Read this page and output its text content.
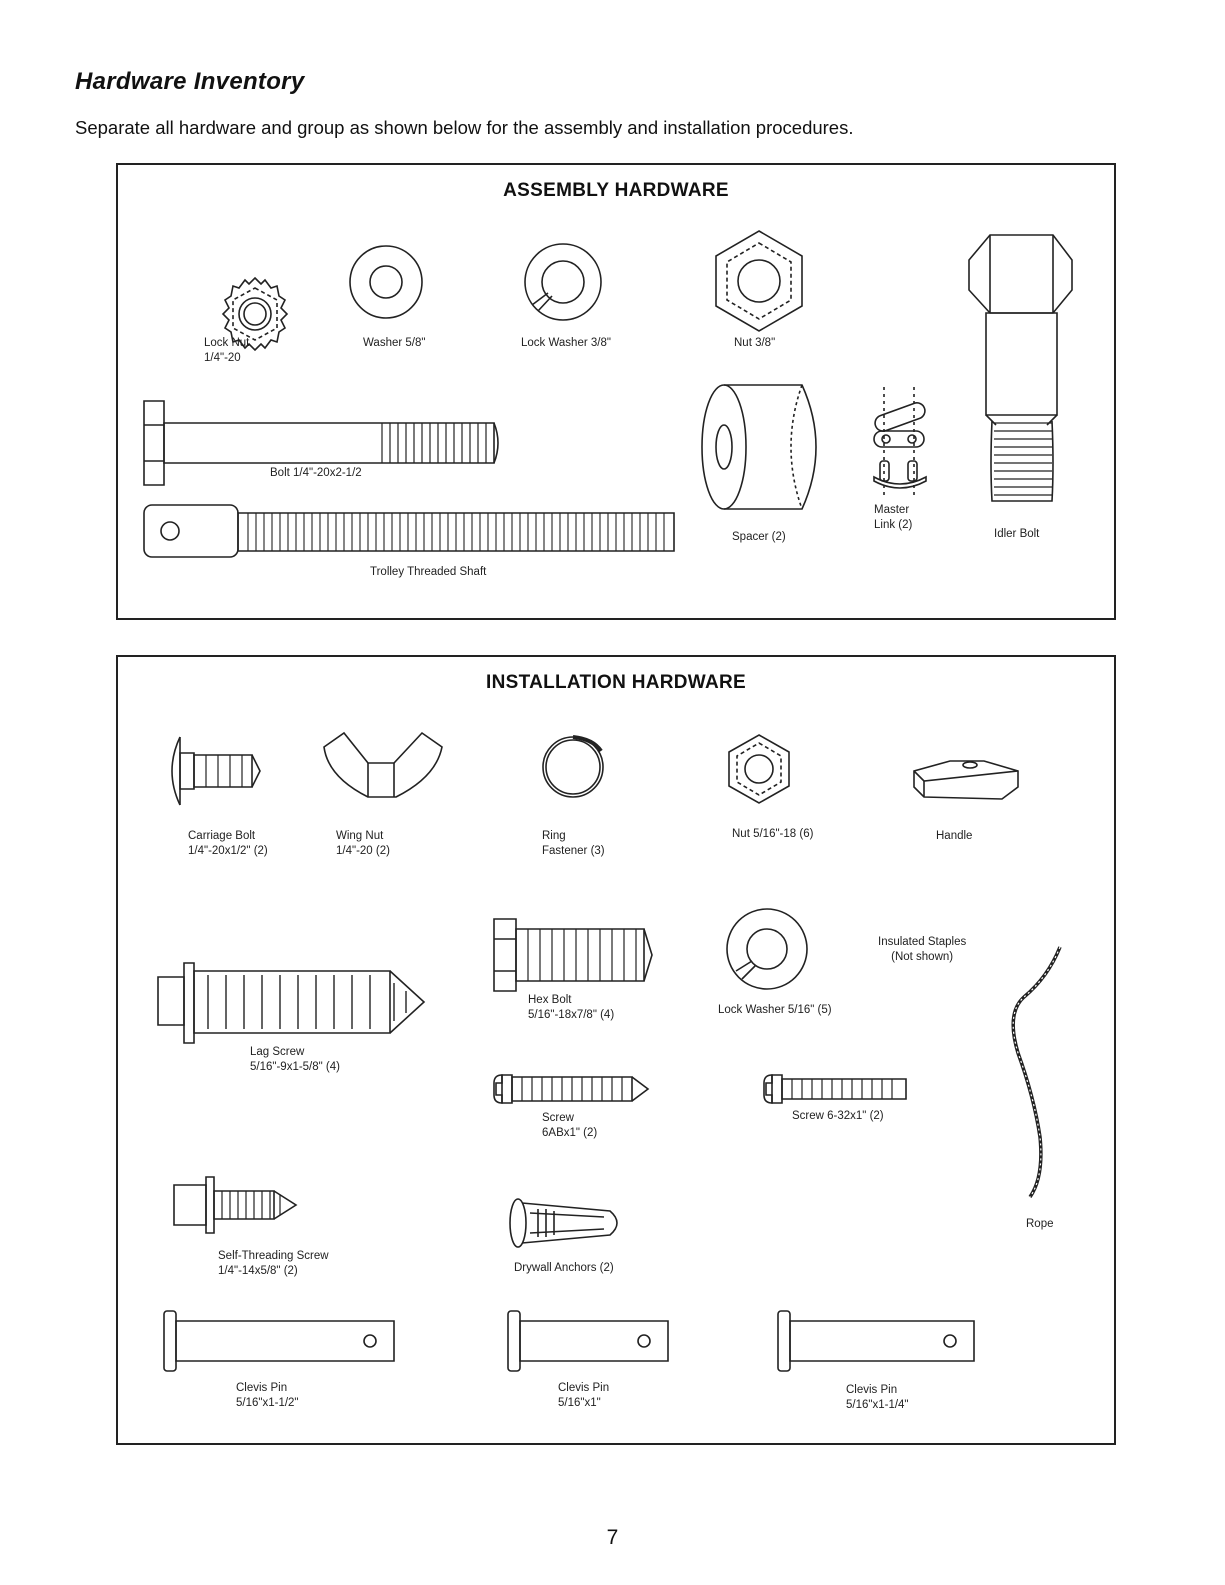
Hardware Inventory

Separate all hardware and group as shown below for the assembly and installation procedures.

ASSEMBLY HARDWARE
Lock Nut
1/4"-20
Washer 5/8"	Lock Washer 3/8"	Nut 3/8"
Bolt 1/4"-20x2-1/2
Trolley Threaded Shaft
Spacer (2)
Master
Link (2)
Idler Bolt
INSTALLATION HARDWARE
Carriage Bolt
1/4"-20x1/2" (2)
Wing Nut
1/4"-20 (2)
Ring
Fastener (3)
Nut 5/16"-18 (6)	Handle
Insulated Staples
(Not shown)
Hex Bolt
5/16"-18x7/8" (4)	Lock Washer 5/16" (5)
Lag Screw
5/16"-9x1-5/8" (4)
Screw
6ABx1" (2)
Screw 6-32x1" (2)
Rope
Self-Threading Screw
1/4"-14x5/8" (2)	Drywall Anchors (2)
Clevis Pin
5/16"x1-1/2"
Clevis Pin
5/16"x1"
Clevis Pin
5/16"x1-1/4"
7
